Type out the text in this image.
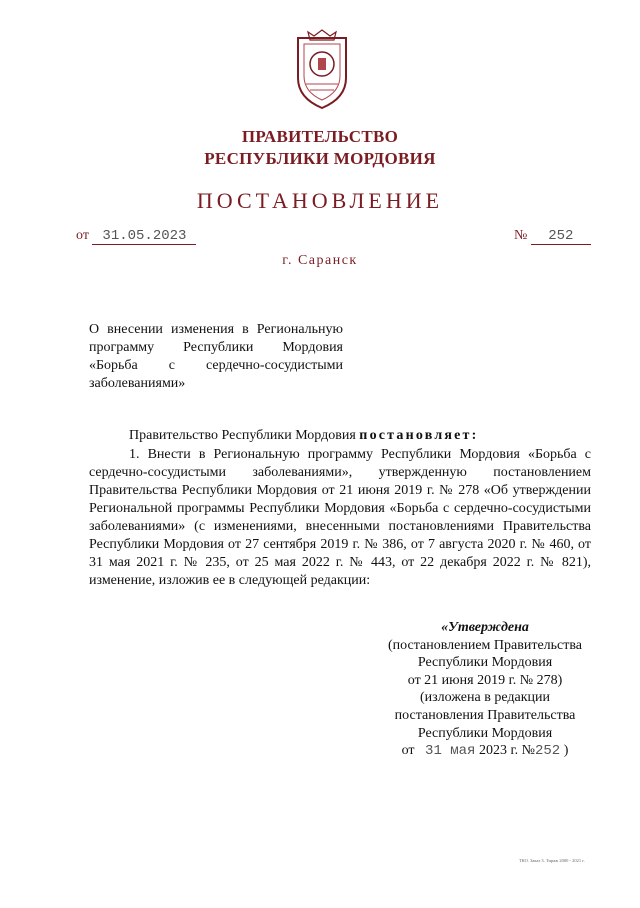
ПРАВИТЕЛЬСТВО
РЕСПУБЛИКИ МОРДОВИЯ
ПОСТАНОВЛЕНИЕ
от 31.05.2023	№ 252
г. Саранск
О внесении изменения в Региональную программу Республики Мордовия «Борьба с сердечно-сосудистыми заболеваниями»
Правительство Республики Мордовия постановляет:
1. Внести в Региональную программу Республики Мордовия «Борьба с сердечно-сосудистыми заболеваниями», утвержденную постановлением Правительства Республики Мордовия от 21 июня 2019 г. № 278 «Об утверждении Региональной программы Республики Мордовия «Борьба с сердечно-сосудистыми заболеваниями» (с изменениями, внесенными постановлениями Правительства Республики Мордовия от 27 сентября 2019 г. № 386, от 7 августа 2020 г. № 460, от 31 мая 2021 г. № 235, от 25 мая 2022 г. № 443, от 22 декабря 2022 г. № 821), изменение, изложив ее в следующей редакции:
«Утверждена
(постановлением Правительства
Республики Мордовия
от 21 июня 2019 г. № 278)
(изложена в редакции
постановления Правительства
Республики Мордовия
от 31 мая 2023 г. №252 )
ТКО. Заказ 3. Тираж 2000 - 2021 г.
